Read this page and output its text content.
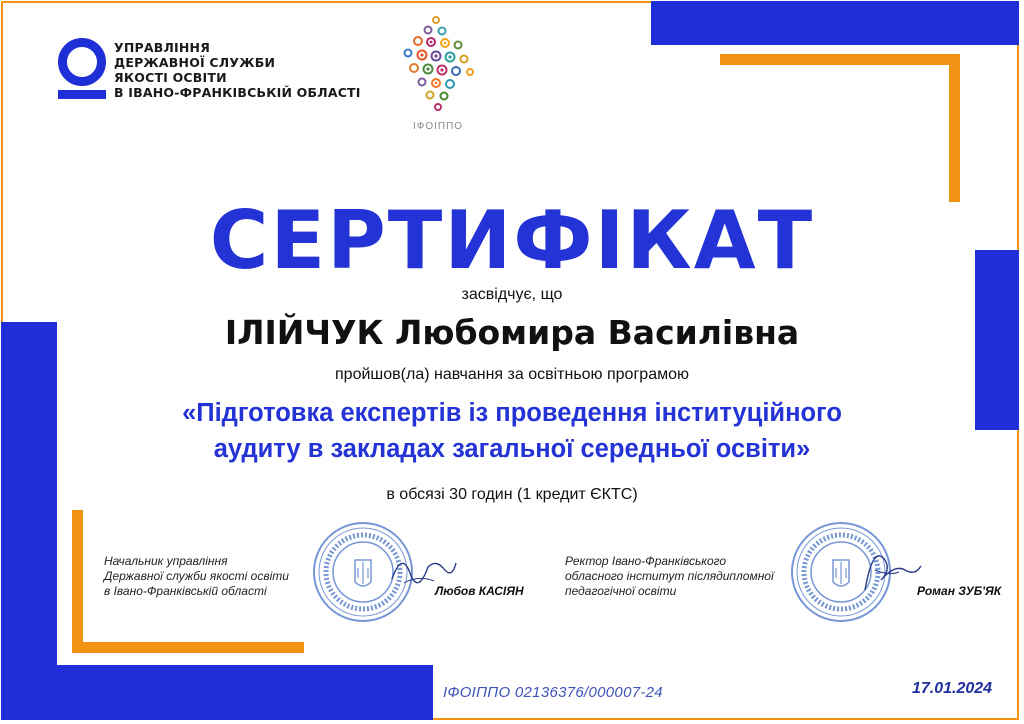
УПРАВЛІННЯ
ДЕРЖАВНОЇ СЛУЖБИ
ЯКОСТІ ОСВІТИ
В ІВАНО-ФРАНКІВСЬКІЙ ОБЛАСТІ
ІФОІППО
СЕРТИФІКАТ
засвідчує, що
ІЛІЙЧУК Любомира Василівна
пройшов(ла) навчання за освітньою програмою
«Підготовка експертів із проведення інституційного
аудиту в закладах загальної середньої освіти»
в обсязі 30 годин (1 кредит ЄКТС)
Начальник управління
Державної служби якості освіти
в Івано-Франківській області	Любов КАСІЯН
Ректор Івано-Франківського
обласного інститут післядипломної
педагогічної освіти	Роман ЗУБ'ЯК
ІФОІППО 02136376/000007-24	17.01.2024
